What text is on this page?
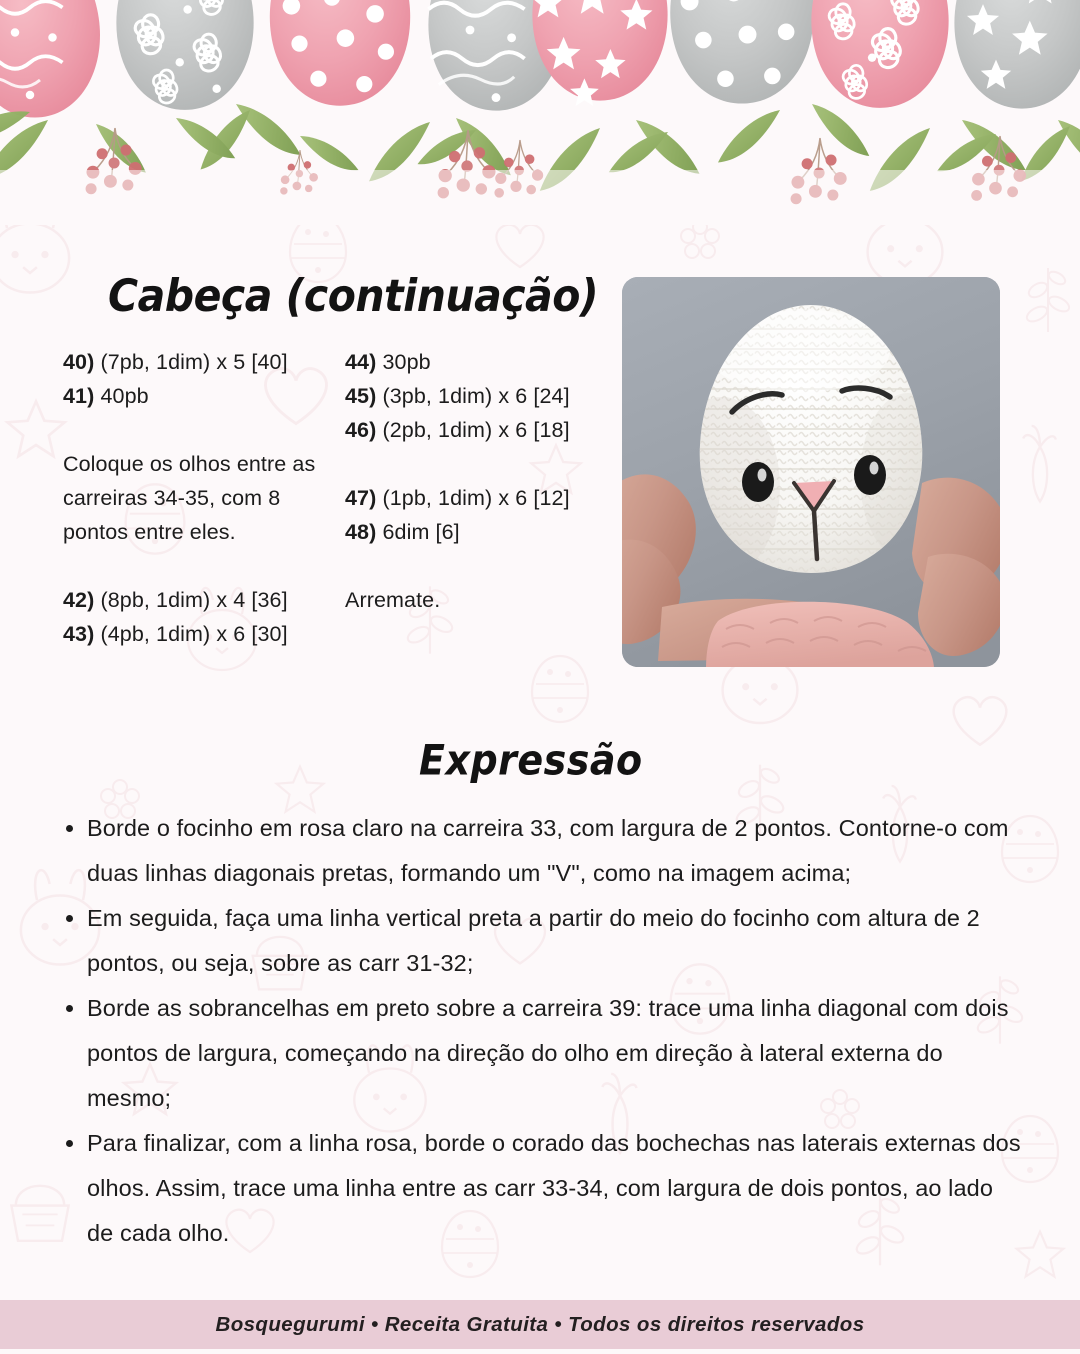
Cabeça (continuação)

40) (7pb, 1dim) x 5 [40]

41) 40pb

Coloque os olhos entre as carreiras 34-35, com 8 pontos entre eles.

42) (8pb, 1dim) x 4 [36]

43) (4pb, 1dim) x 6 [30]

44) 30pb

45) (3pb, 1dim) x 6 [24]

46) (2pb, 1dim) x 6 [18]

47) (1pb, 1dim) x 6 [12]

48) 6dim [6]

Arremate.

Expressão

Borde o focinho em rosa claro na carreira 33, com largura de 2 pontos. Contorne-o com duas linhas diagonais pretas, formando um "V", como na imagem acima;

Em seguida, faça uma linha vertical preta a partir do meio do focinho com altura de 2 pontos, ou seja, sobre as carr 31-32;

Borde as sobrancelhas em preto sobre a carreira 39: trace uma linha diagonal com dois pontos de largura, começando na direção do olho em direção à lateral externa do mesmo;

Para finalizar, com a linha rosa, borde o corado das bochechas nas laterais externas dos olhos. Assim, trace uma linha entre as carr 33-34, com largura de dois pontos, ao lado de cada olho.

Bosquegurumi • Receita Gratuita • Todos os direitos reservados
